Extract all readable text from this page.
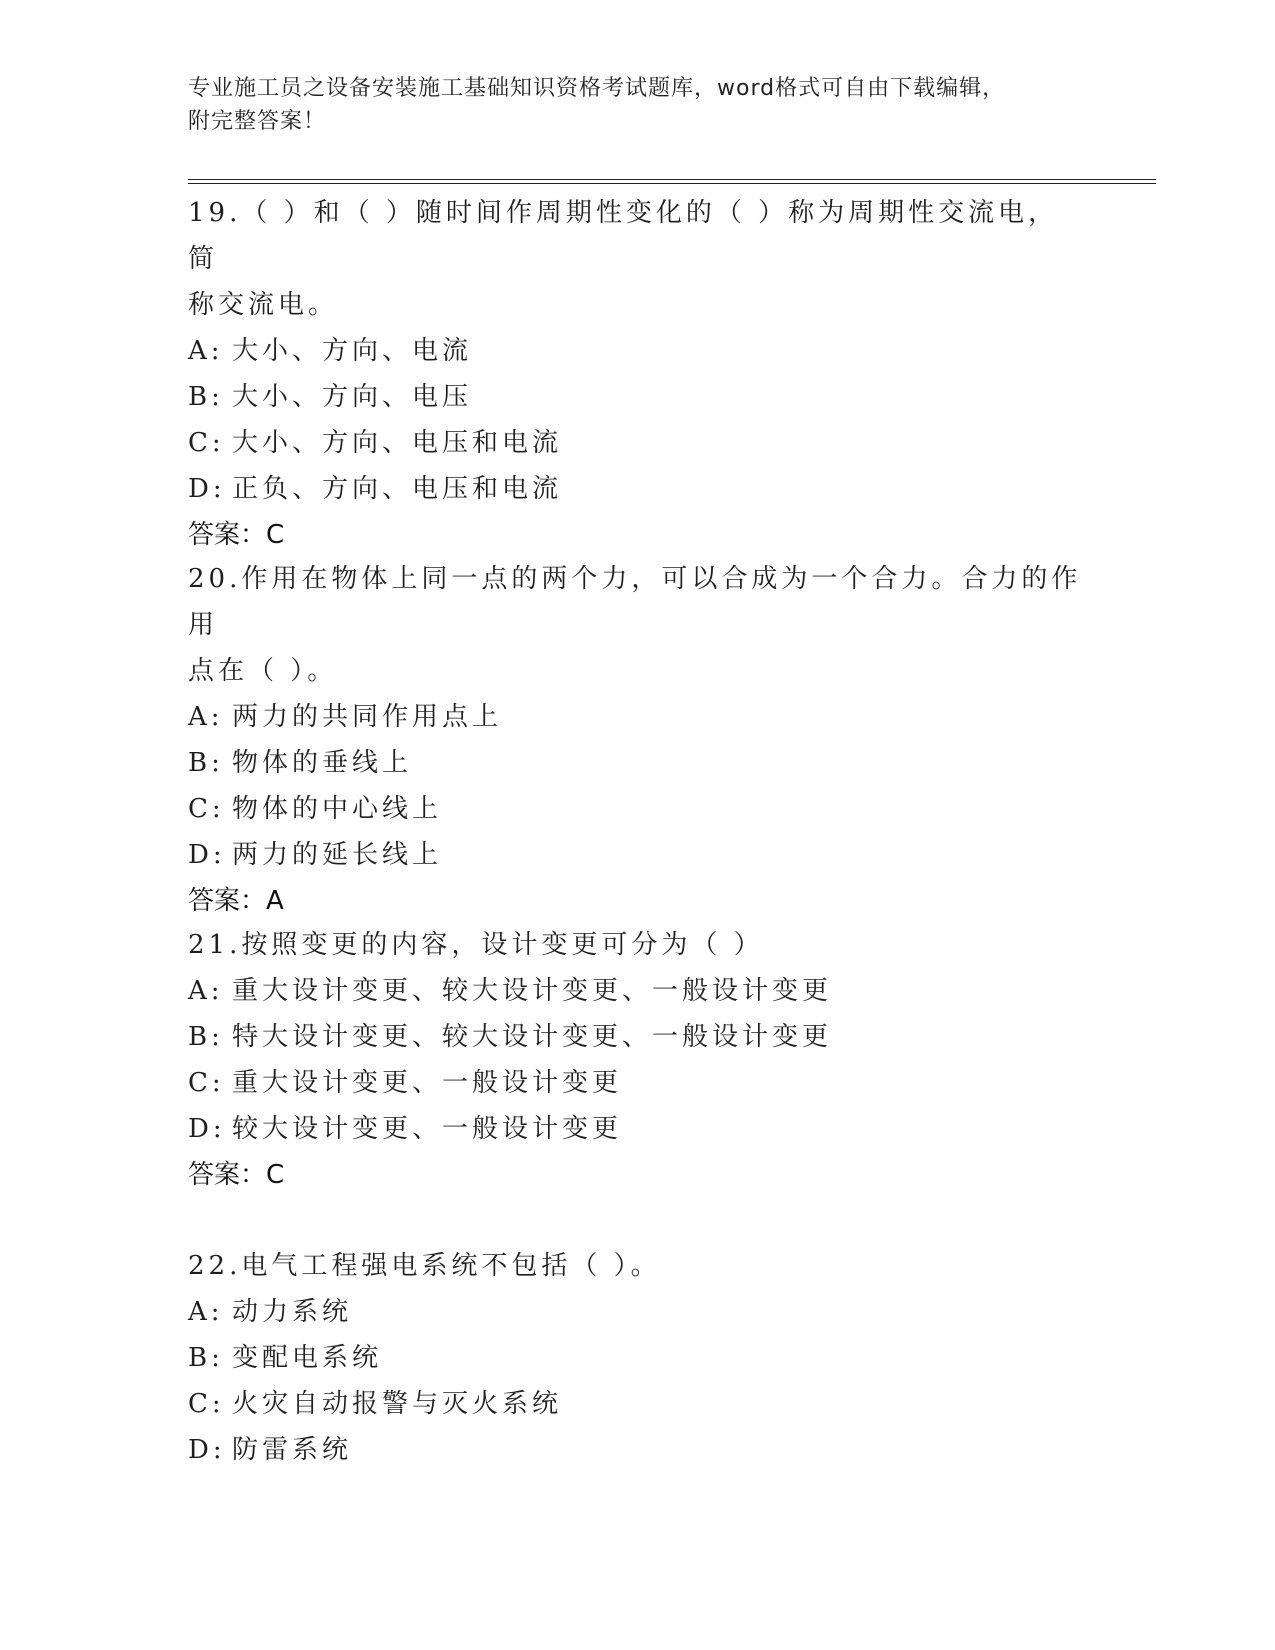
专业施工员之设备安装施工基础知识资格考试题库，word格式可自由下载编辑，
附完整答案！
19.（ ）和（ ）随时间作周期性变化的（ ）称为周期性交流电，简
称交流电。
A: 大小、方向、电流
B: 大小、方向、电压
C: 大小、方向、电压和电流
D: 正负、方向、电压和电流
答案：C
20.作用在物体上同一点的两个力，可以合成为一个合力。合力的作用
点在（ ）。
A: 两力的共同作用点上
B: 物体的垂线上
C: 物体的中心线上
D: 两力的延长线上
答案：A
21.按照变更的内容，设计变更可分为（ ）
A: 重大设计变更、较大设计变更、一般设计变更
B: 特大设计变更、较大设计变更、一般设计变更
C: 重大设计变更、一般设计变更
D: 较大设计变更、一般设计变更
答案：C
22.电气工程强电系统不包括（ ）。
A: 动力系统
B: 变配电系统
C: 火灾自动报警与灭火系统
D: 防雷系统
